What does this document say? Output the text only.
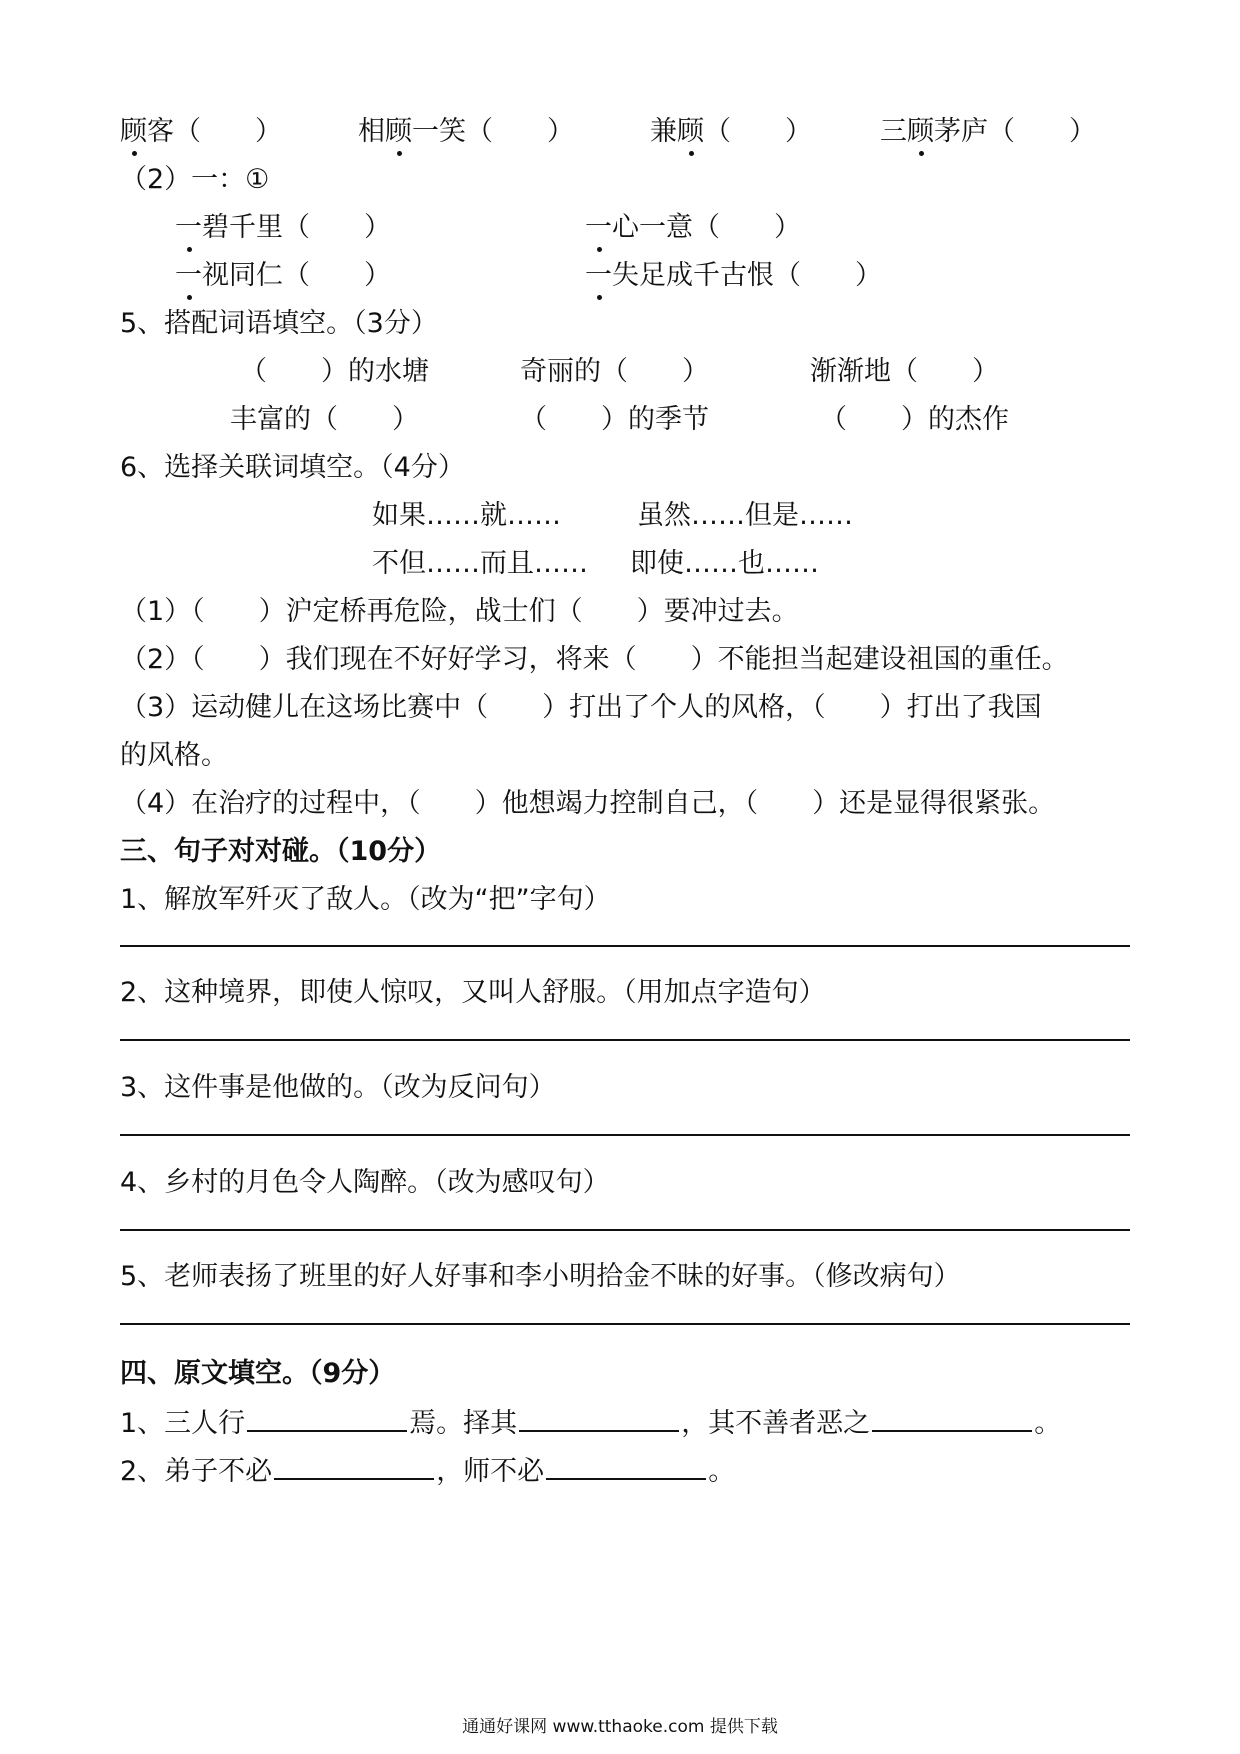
顾客（　　）	相顾一笑（　　）	兼顾（　　）	三顾茅庐（　　）
（2）一：①
一碧千里（　　）	一心一意（　　）
一视同仁（　　）	一失足成千古恨（　　）
5、搭配词语填空。（3分）
（　　）的水塘	奇丽的（　　）	渐渐地（　　）
丰富的（　　）	（　　）的季节	（　　）的杰作
6、选择关联词填空。（4分）
如果……就……	虽然……但是……
不但……而且…… 即使……也……
（1）（　　）沪定桥再危险，战士们（　　）要冲过去。
（2）（　　）我们现在不好好学习，将来（　　）不能担当起建设祖国的重任。
（3）运动健儿在这场比赛中（　　）打出了个人的风格，（　　）打出了我国
的风格。
（4）在治疗的过程中，（　　）他想竭力控制自己，（　　）还是显得很紧张。
三、句子对对碰。（10分）
1、解放军歼灭了敌人。（改为“把”字句）
2、这种境界，即使人惊叹，又叫人舒服。（用加点字造句）
3、这件事是他做的。（改为反问句）
4、乡村的月色令人陶醉。（改为感叹句）
5、老师表扬了班里的好人好事和李小明拾金不昧的好事。（修改病句）
四、原文填空。（9分）
1、三人行	焉。择其	，其不善者恶之	。
2、弟子不必	，师不必	。
通通好课网 www.tthaoke.com 提供下载
